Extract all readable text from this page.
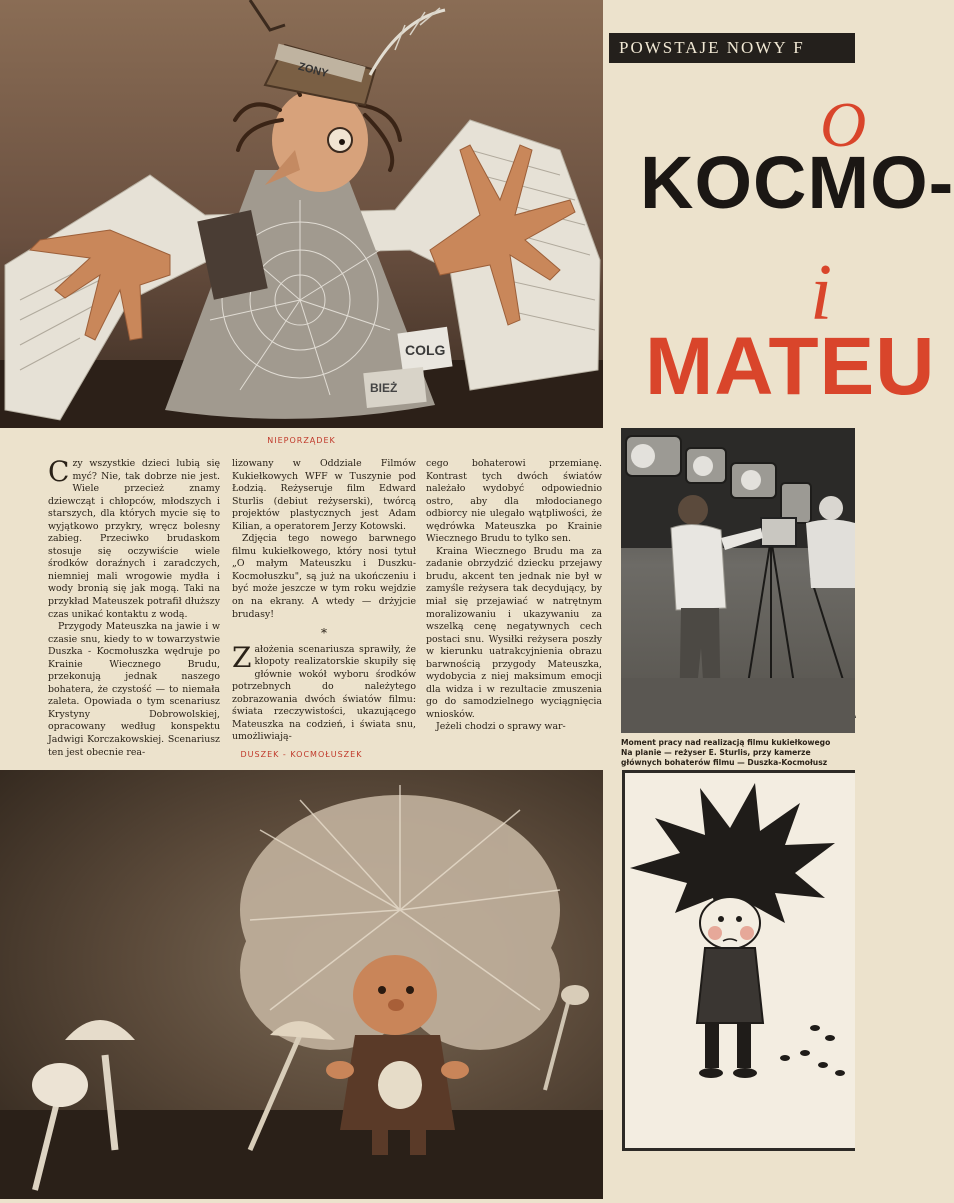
COLG
BIEŻ
ZONY
POWSTAJE NOWY F
O
KOCMO-
i
MATEU
Moment pracy nad realizacją filmu kukiełkowego
Na planie — reżyser E. Sturlis, przy kamerze
głównych bohaterów filmu — Duszka-Kocmołusz
NIEPORZĄDEK

Czy wszystkie dzieci lubią się myć? Nie, tak dobrze nie jest. Wiele przecież znamy dziewcząt i chłopców, młodszych i starszych, dla których mycie się to wyjątkowo przykry, wręcz bolesny zabieg. Przeciwko brudaskom stosuje się oczywiście wiele środków doraźnych i zaradczych, niemniej mali wrogowie mydła i wody bronią się jak mogą. Taki na przykład Mateuszek potrafił dłuższy czas unikać kontaktu z wodą.

Przygody Mateuszka na jawie i w czasie snu, kiedy to w towarzystwie Duszka - Kocmołuszka wędruje po Krainie Wiecznego Brudu, przekonują jednak naszego bohatera, że czystość — to niemała zaleta. Opowiada o tym scenariusz Krystyny Dobrowolskiej, opracowany według konspektu Jadwigi Korczakowskiej. Scenariusz ten jest obecnie rea-

lizowany w Oddziale Filmów Kukiełkowych WFF w Tuszynie pod Łodzią. Reżyseruje film Edward Sturlis (debiut reżyserski), twórcą projektów plastycznych jest Adam Kilian, a operatorem Jerzy Kotowski.

Zdjęcia tego nowego barwnego filmu kukiełkowego, który nosi tytuł „O małym Mateuszku i Duszku-Kocmołuszku", są już na ukończeniu i być może jeszcze w tym roku wejdzie on na ekrany. A wtedy — drżyjcie brudasy!

*

Założenia scenariusza sprawiły, że kłopoty realizatorskie skupiły się głównie wokół wyboru środków potrzebnych do należytego zobrazowania dwóch światów filmu: świata rzeczywistości, ukazującego Mateuszka na codzień, i świata snu, umożliwiają-

cego bohaterowi przemianę. Kontrast tych dwóch światów należało wydobyć odpowiednio ostro, aby dla młodocianego odbiorcy nie ulegało wątpliwości, że wędrówka Mateuszka po Krainie Wiecznego Brudu to tylko sen.

Kraina Wiecznego Brudu ma za zadanie obrzydzić dziecku przejawy brudu, akcent ten jednak nie był w zamyśle reżysera tak decydujący, by miał się przejawiać w natrętnym moralizowaniu i ukazywaniu za wszelką cenę negatywnych cech postaci snu. Wysiłki reżysera poszły w kierunku uatrakcyjnienia obrazu barwnością przygody Mateuszka, wydobycia z niej maksimum emocji dla widza i w rezultacie zmuszenia go do samodzielnego wyciągnięcia wniosków.

Jeżeli chodzi o sprawy war-

DUSZEK - KOCMOŁUSZEK
